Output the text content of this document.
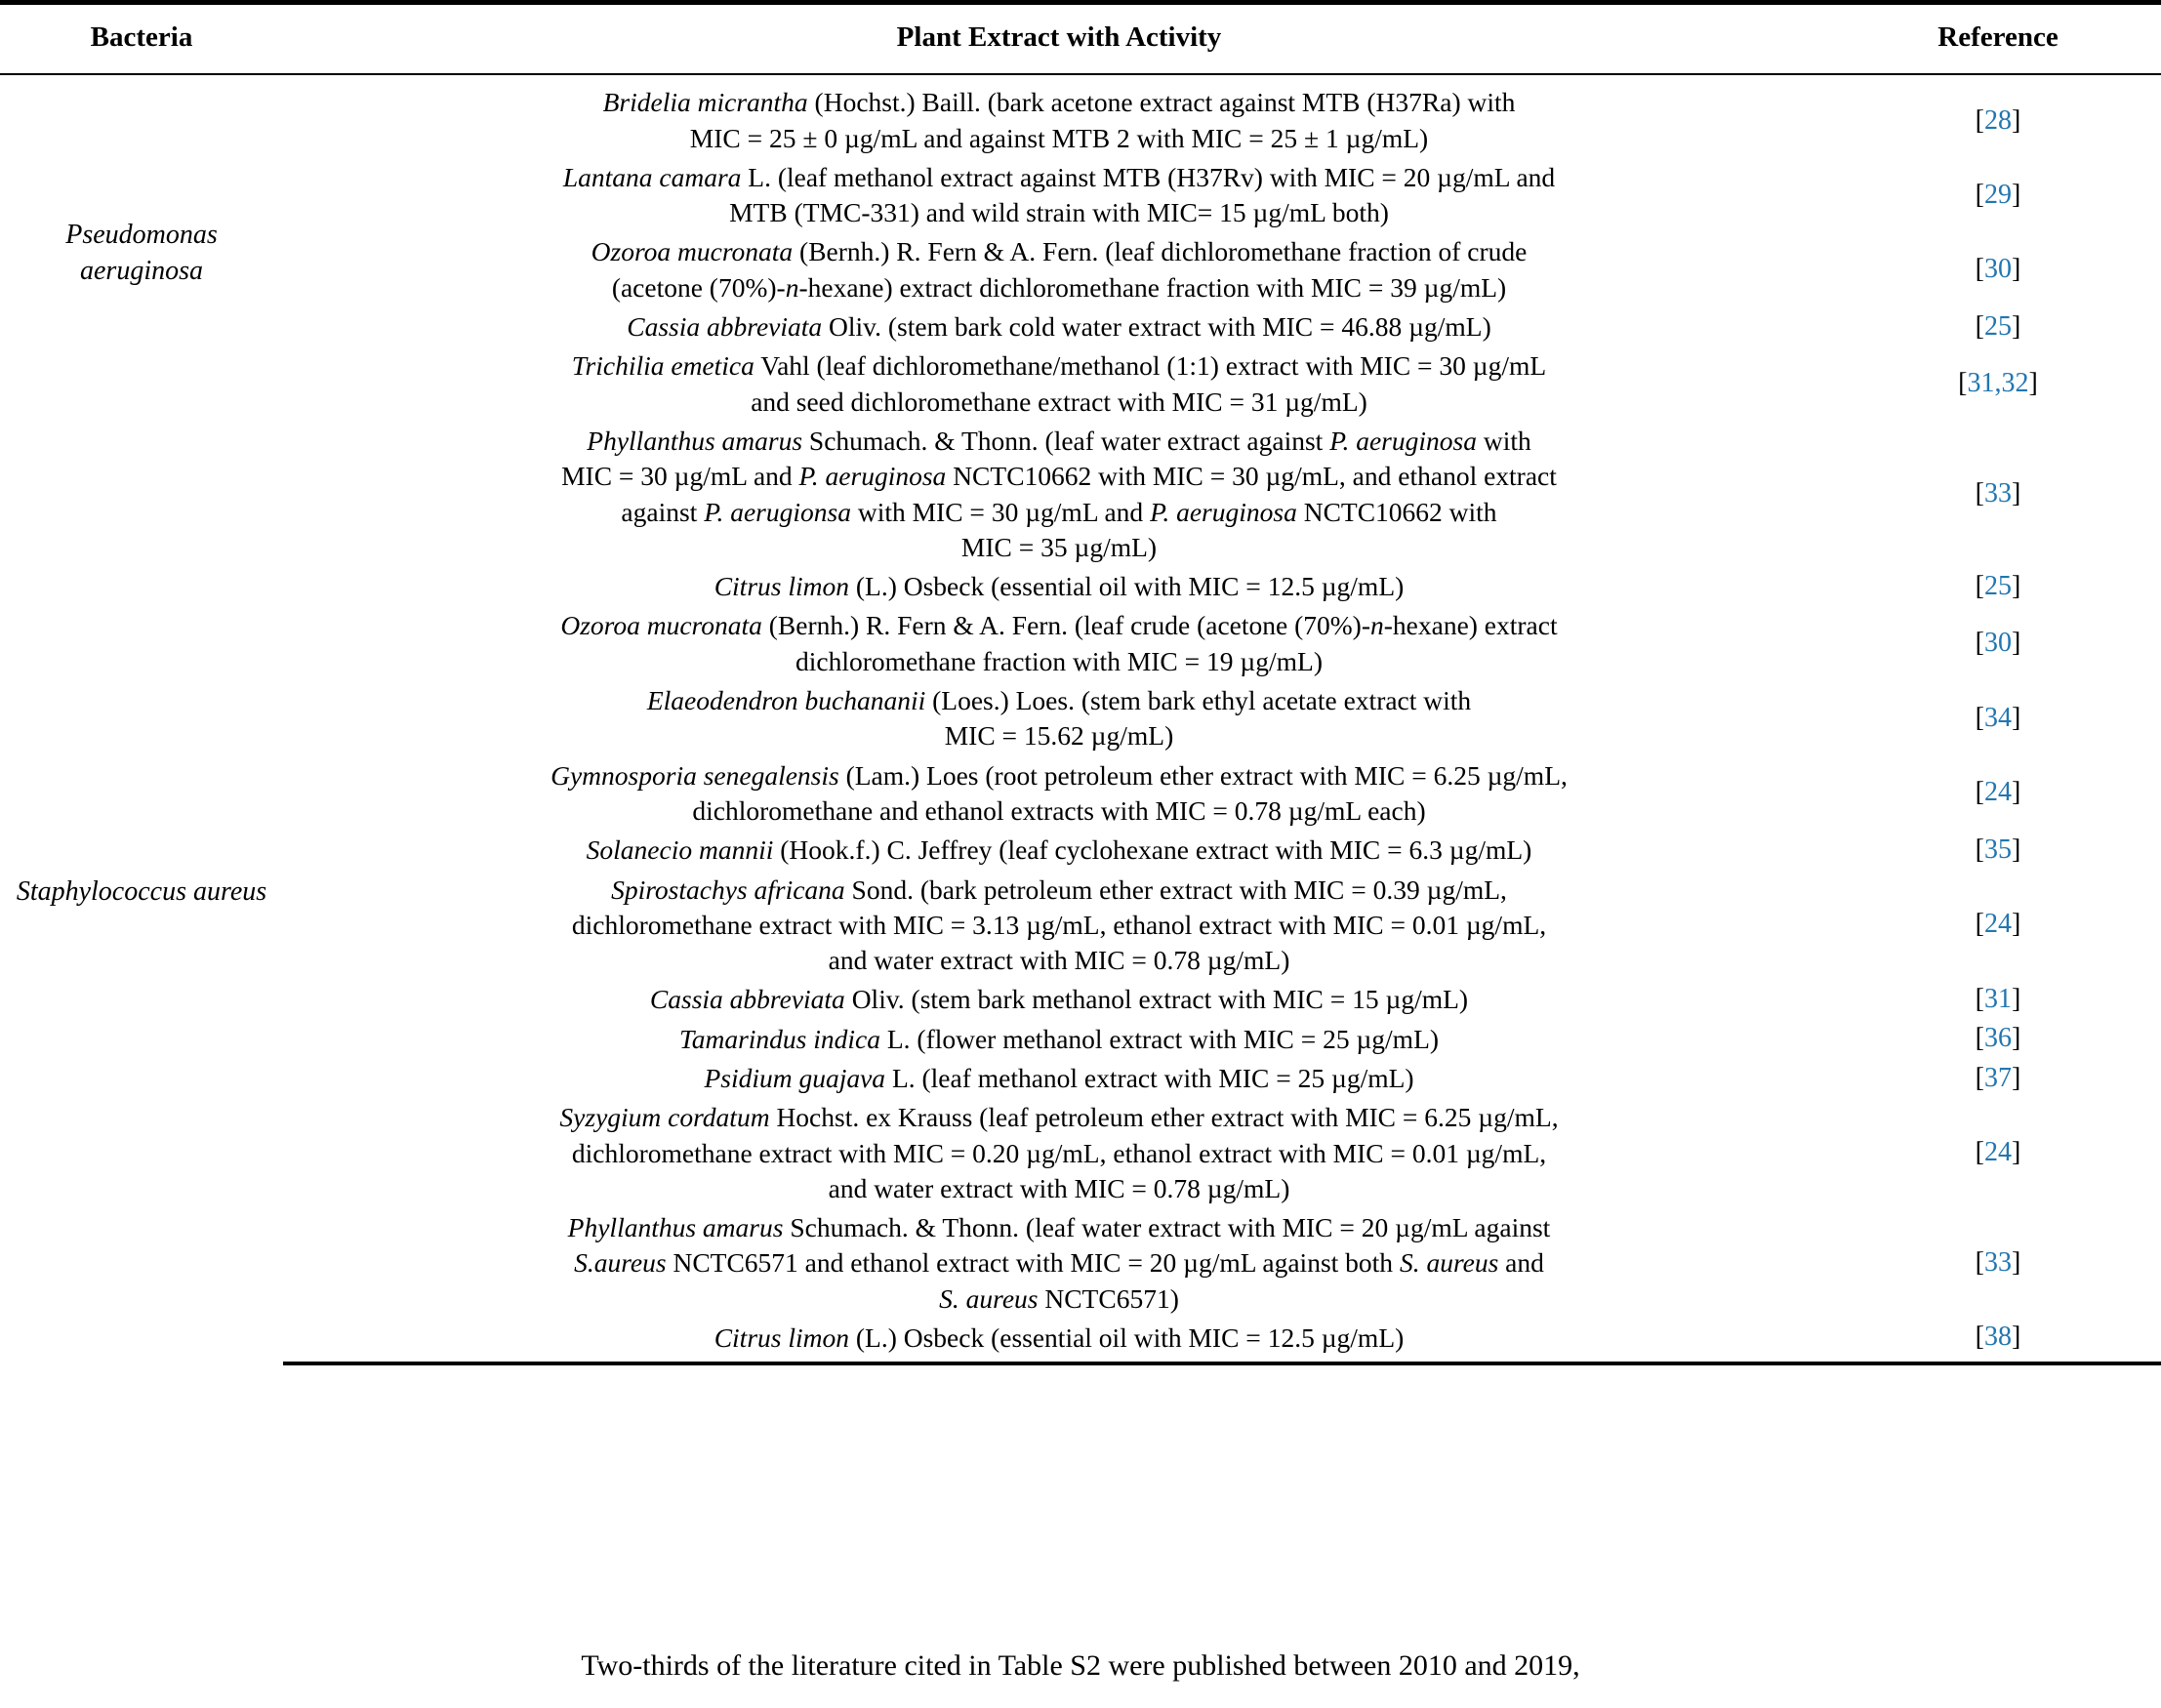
Bacteria	Plant Extract with Activity	Reference
Pseudomonas aeruginosa	Bridelia micrantha (Hochst.) Baill. (bark acetone extract against MTB (H37Ra) with
MIC = 25 ± 0 µg/mL and against MTB 2 with MIC = 25 ± 1 µg/mL)	[28]

	Lantana camara L. (leaf methanol extract against MTB (H37Rv) with MIC = 20 µg/mL and
MTB (TMC-331) and wild strain with MIC= 15 µg/mL both)	[29]

	Ozoroa mucronata (Bernh.) R. Fern & A. Fern. (leaf dichloromethane fraction of crude
(acetone (70%)-n-hexane) extract dichloromethane fraction with MIC = 39 µg/mL)	[30]

	Cassia abbreviata Oliv. (stem bark cold water extract with MIC = 46.88 µg/mL)	[25]

	Trichilia emetica Vahl (leaf dichloromethane/methanol (1:1) extract with MIC = 30 µg/mL
and seed dichloromethane extract with MIC = 31 µg/mL)	[31,32]
Staphylococcus aureus	Phyllanthus amarus Schumach. & Thonn. (leaf water extract against P. aeruginosa with
MIC = 30 µg/mL and P. aeruginosa NCTC10662 with MIC = 30 µg/mL, and ethanol extract
against P. aerugionsa with MIC = 30 µg/mL and P. aeruginosa NCTC10662 with
MIC = 35 µg/mL)	[33]

	Citrus limon (L.) Osbeck (essential oil with MIC = 12.5 µg/mL)	[25]

	Ozoroa mucronata (Bernh.) R. Fern & A. Fern. (leaf crude (acetone (70%)-n-hexane) extract
dichloromethane fraction with MIC = 19 µg/mL)	[30]

	Elaeodendron buchananii (Loes.) Loes. (stem bark ethyl acetate extract with
MIC = 15.62 µg/mL)	[34]

	Gymnosporia senegalensis (Lam.) Loes (root petroleum ether extract with MIC = 6.25 µg/mL,
dichloromethane and ethanol extracts with MIC = 0.78 µg/mL each)	[24]

	Solanecio mannii (Hook.f.) C. Jeffrey (leaf cyclohexane extract with MIC = 6.3 µg/mL)	[35]

	Spirostachys africana Sond. (bark petroleum ether extract with MIC = 0.39 µg/mL,
dichloromethane extract with MIC = 3.13 µg/mL, ethanol extract with MIC = 0.01 µg/mL,
and water extract with MIC = 0.78 µg/mL)	[24]

	Cassia abbreviata Oliv. (stem bark methanol extract with MIC = 15 µg/mL)	[31]

	Tamarindus indica L. (flower methanol extract with MIC = 25 µg/mL)	[36]

	Psidium guajava L. (leaf methanol extract with MIC = 25 µg/mL)	[37]

	Syzygium cordatum Hochst. ex Krauss (leaf petroleum ether extract with MIC = 6.25 µg/mL,
dichloromethane extract with MIC = 0.20 µg/mL, ethanol extract with MIC = 0.01 µg/mL,
and water extract with MIC = 0.78 µg/mL)	[24]

	Phyllanthus amarus Schumach. & Thonn. (leaf water extract with MIC = 20 µg/mL against
S.aureus NCTC6571 and ethanol extract with MIC = 20 µg/mL against both S. aureus and
S. aureus NCTC6571)	[33]

	Citrus limon (L.) Osbeck (essential oil with MIC = 12.5 µg/mL)	[38]
Two-thirds of the literature cited in Table S2 were published between 2010 and 2019,
